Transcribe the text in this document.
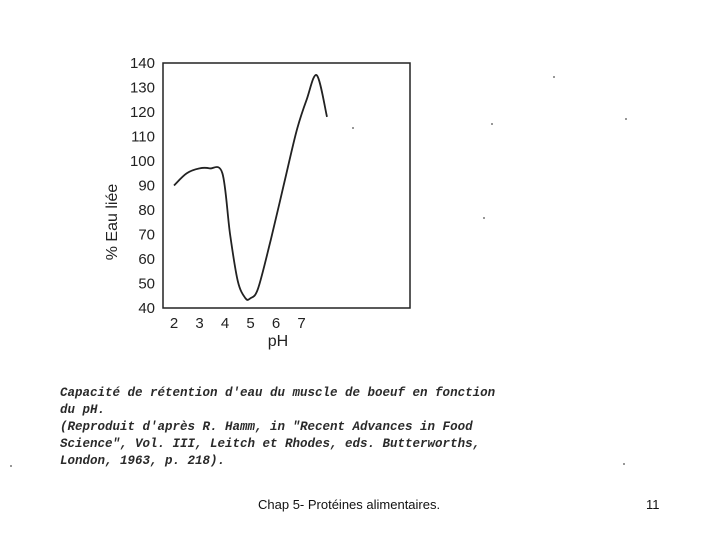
40
50
60
70
80
90
100
110
120
130
140
2 3 4 5 6 7
% Eau liée
pH
Capacité de rétention d'eau du muscle de boeuf en fonction
du pH.
(Reproduit d'après R. Hamm, in "Recent Advances in Food
Science", Vol. III, Leitch et Rhodes, eds. Butterworths,
London, 1963, p. 218).
Chap 5- Protéines alimentaires.	11
